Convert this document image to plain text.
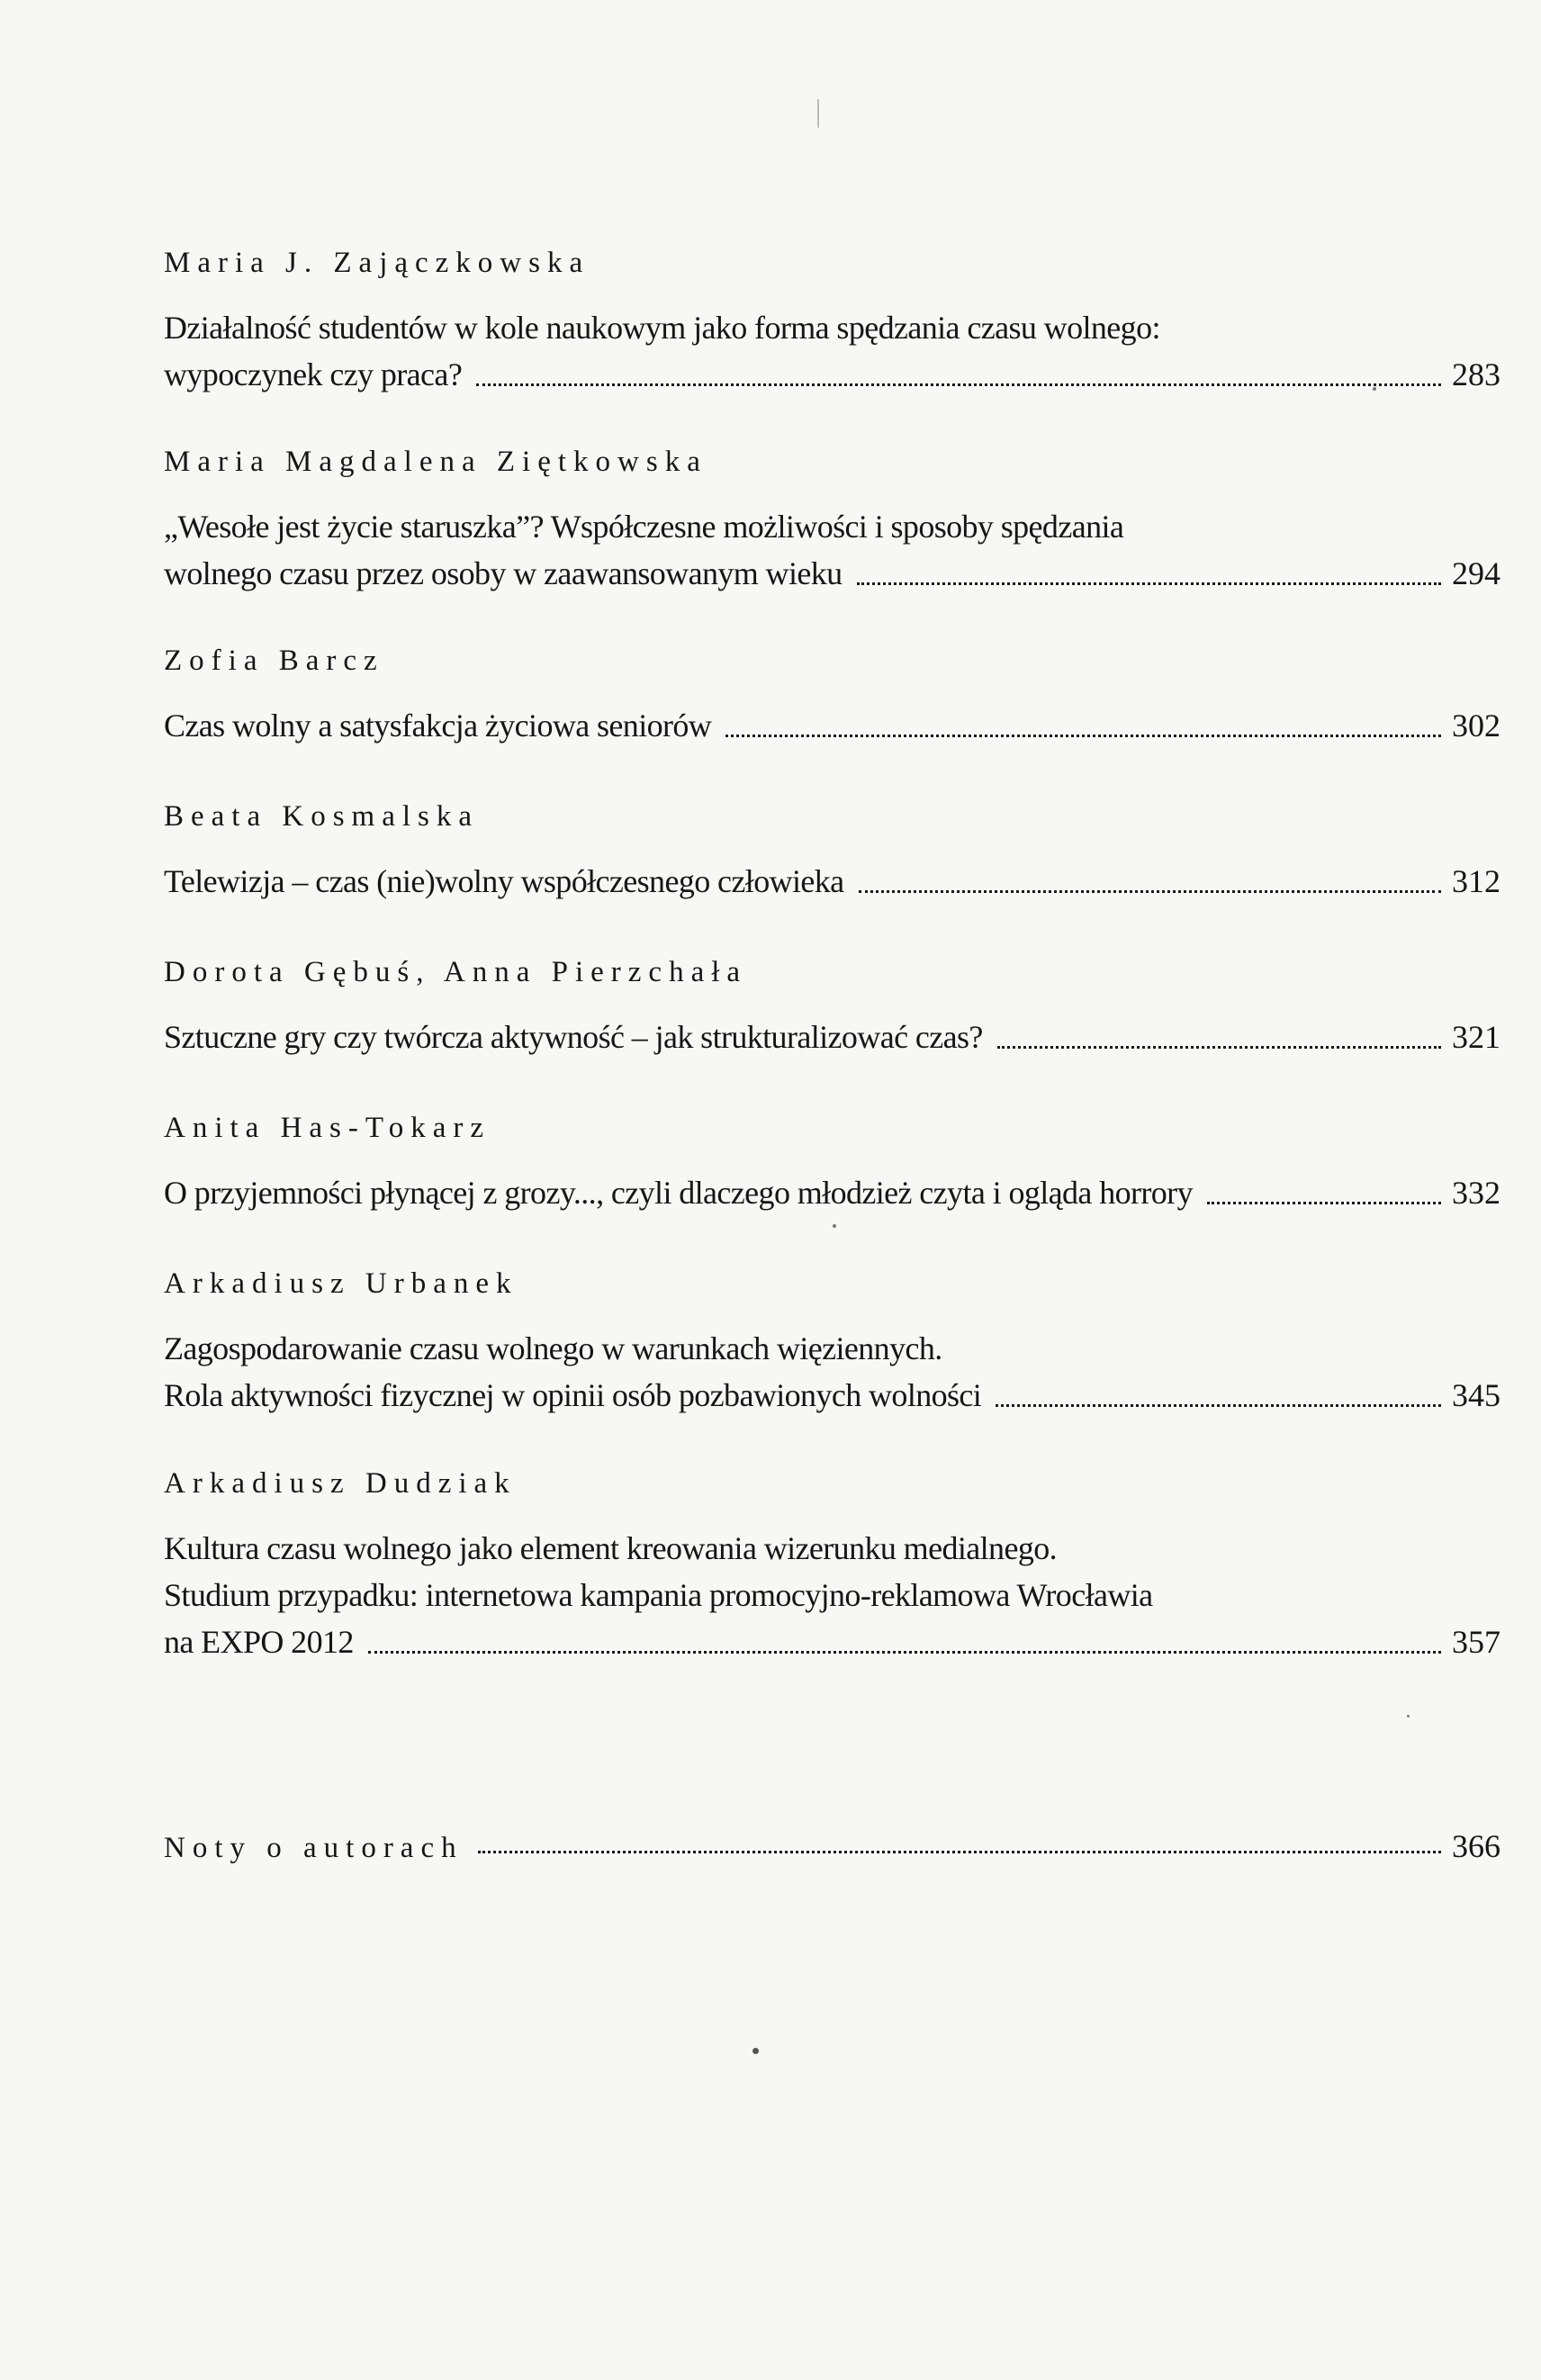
Maria J. Zajączkowska
Działalność studentów w kole naukowym jako forma spędzania czasu wolnego:
wypoczynek czy praca?	283
Maria Magdalena Ziętkowska
„Wesołe jest życie staruszka”? Współczesne możliwości i sposoby spędzania
wolnego czasu przez osoby w zaawansowanym wieku	294
Zofia Barcz
Czas wolny a satysfakcja życiowa seniorów	302
Beata Kosmalska
Telewizja – czas (nie)wolny współczesnego człowieka	312
Dorota Gębuś, Anna Pierzchała
Sztuczne gry czy twórcza aktywność – jak strukturalizować czas?	321
Anita Has-Tokarz
O przyjemności płynącej z grozy..., czyli dlaczego młodzież czyta i ogląda horrory	332
Arkadiusz Urbanek
Zagospodarowanie czasu wolnego w warunkach więziennych.
Rola aktywności fizycznej w opinii osób pozbawionych wolności	345
Arkadiusz Dudziak
Kultura czasu wolnego jako element kreowania wizerunku medialnego.
Studium przypadku: internetowa kampania promocyjno-reklamowa Wrocławia
na EXPO 2012	357
Noty o autorach	366
